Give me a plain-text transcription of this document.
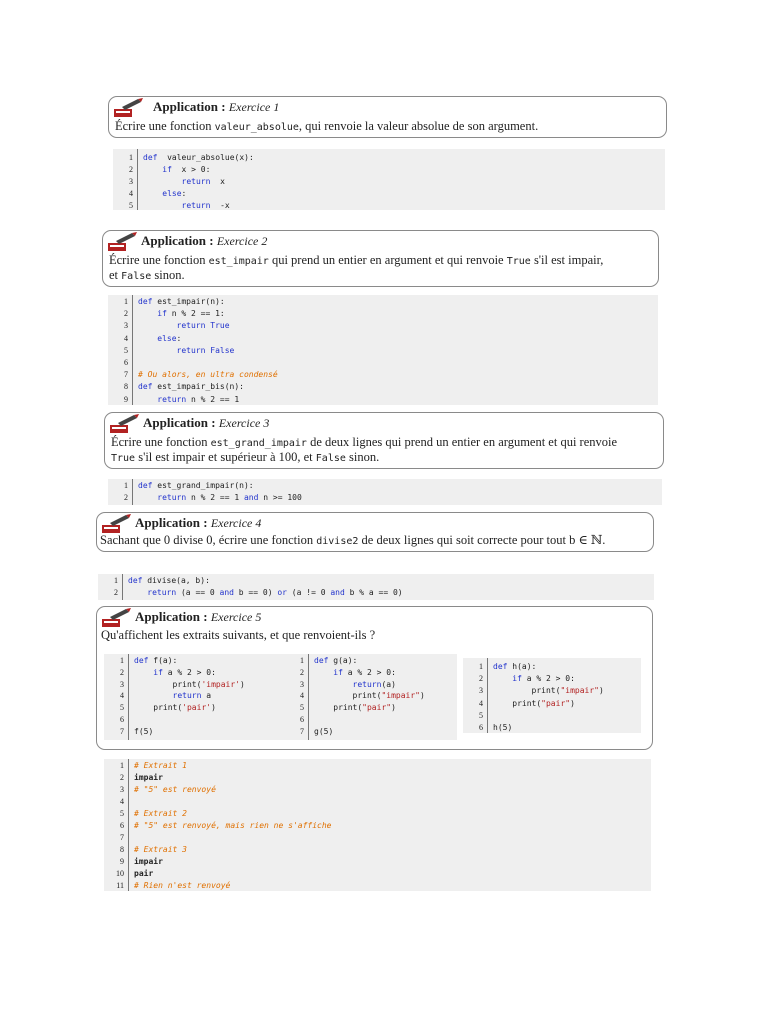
Application : Exercice 1
Écrire une fonction valeur_absolue, qui renvoie la valeur absolue de son argument.
1 def  valeur_absolue(x):
2	if  x > 0:
3	return  x
4	else:
5	return  -x
Application : Exercice 2
Écrire une fonction est_impair qui prend un entier en argument et qui renvoie True s'il est impair,
et False sinon.
1 def est_impair(n):
2	if n % 2 == 1:
3	return True
4	else:
5	return False
6
7 # Ou alors, en ultra condensé
8 def est_impair_bis(n):
9	return n % 2 == 1
Application : Exercice 3
Écrire une fonction est_grand_impair de deux lignes qui prend un entier en argument et qui renvoie
True s'il est impair et supérieur à 100, et False sinon.
1 def est_grand_impair(n):
2	return n % 2 == 1 and n >= 100
Application : Exercice 4
Sachant que 0 divise 0, écrire une fonction divise2 de deux lignes qui soit correcte pour tout b ∈ ℕ.
1 def divise(a, b):
2	return (a == 0 and b == 0) or (a != 0 and b % a == 0)
Application : Exercice 5
Qu'affichent les extraits suivants, et que renvoient-ils ?
1 def f(a):
2	if a % 2 > 0:
3 print('impair')
4	return a
5 print('pair')
6
7 f(5)
1 def g(a):
2	if a % 2 > 0:
3	return(a)
4 print("impair")
5 print("pair")
6
7 g(5)
1 def h(a):
2	if a % 2 > 0:
3 print("impair")
4 print("pair")
5
6 h(5)
1 # Extrait 1
2 impair
3 # "5" est renvoyé
4
5 # Extrait 2
6 # "5" est renvoyé, mais rien ne s'affiche
7
8 # Extrait 3
9 impair
10 pair
11 # Rien n'est renvoyé
